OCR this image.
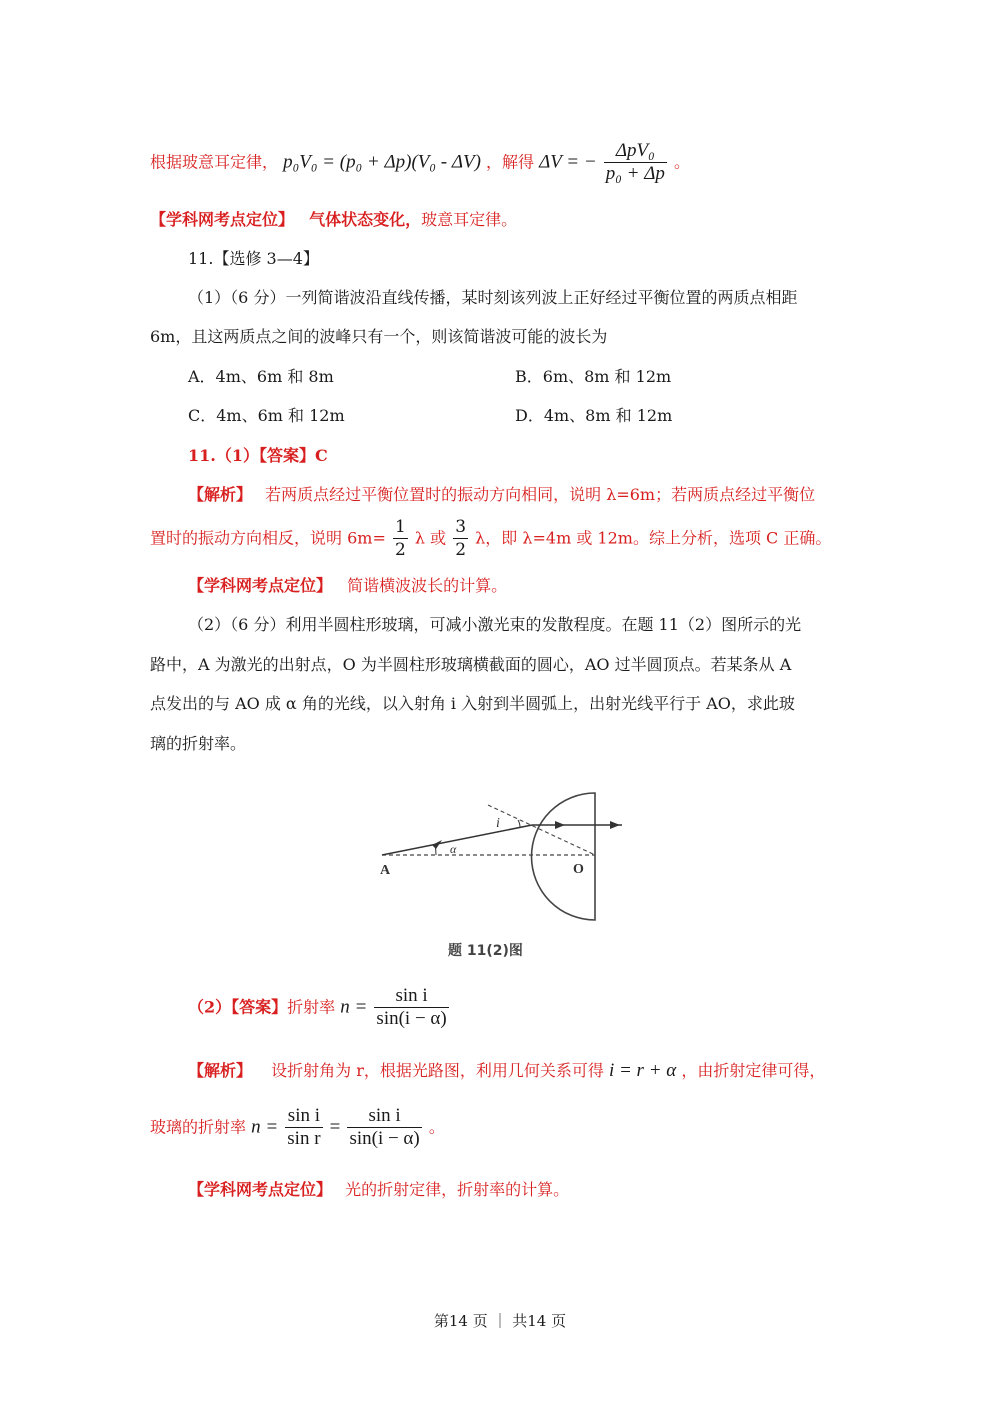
根据玻意耳定律， p₀V₀ = (p₀ + Δp)(V₀ - ΔV) ，解得 ΔV = − $\frac{\text{ΔpV₀}}{\text{p₀ + Δp}}$ 。
【学科网考点定位】 气体状态变化，玻意耳定律。
11.【选修 3—4】
（1）（6 分）一列简谐波沿直线传播，某时刻该列波上正好经过平衡位置的两质点相距
6m，且这两质点之间的波峰只有一个，则该简谐波可能的波长为
A．4m、6m 和 8m	B．6m、8m 和 12m
C．4m、6m 和 12m	D．4m、8m 和 12m
11.（1）【答案】C
【解析】 若两质点经过平衡位置时的振动方向相同，说明 λ=6m；若两质点经过平衡位
置时的振动方向相反，说明 $6m= \frac{1}{2}$ λ 或 $\frac{3}{2}$ λ，即 λ=4m 或 12m。综上分析，选项 C 正确。
【学科网考点定位】 简谐横波波长的计算。
（2）（6 分）利用半圆柱形玻璃，可减小激光束的发散程度。在题 11（2）图所示的光
路中，A 为激光的出射点，O 为半圆柱形玻璃横截面的圆心，AO 过半圆顶点。若某条从 A
点发出的与 AO 成 α 角的光线，以入射角 i 入射到半圆弧上，出射光线平行于 AO，求此玻
璃的折射率。
A	O
i
α
题 11(2)图
（2）【答案】折射率 $n = \frac{\text{sin i}}{\sin(i - \alpha)}$
【解析】 设折射角为 r，根据光路图，利用几何关系可得 i = r + α ，由折射定律可得，
玻璃的折射率 $n = \frac{\text{sin i}}{\text{sin r}} = \frac{\text{sin i}}{\sin(i - \alpha)}$ 。
【学科网考点定位】 光的折射定律，折射率的计算。
第14 页 ｜ 共14 页
